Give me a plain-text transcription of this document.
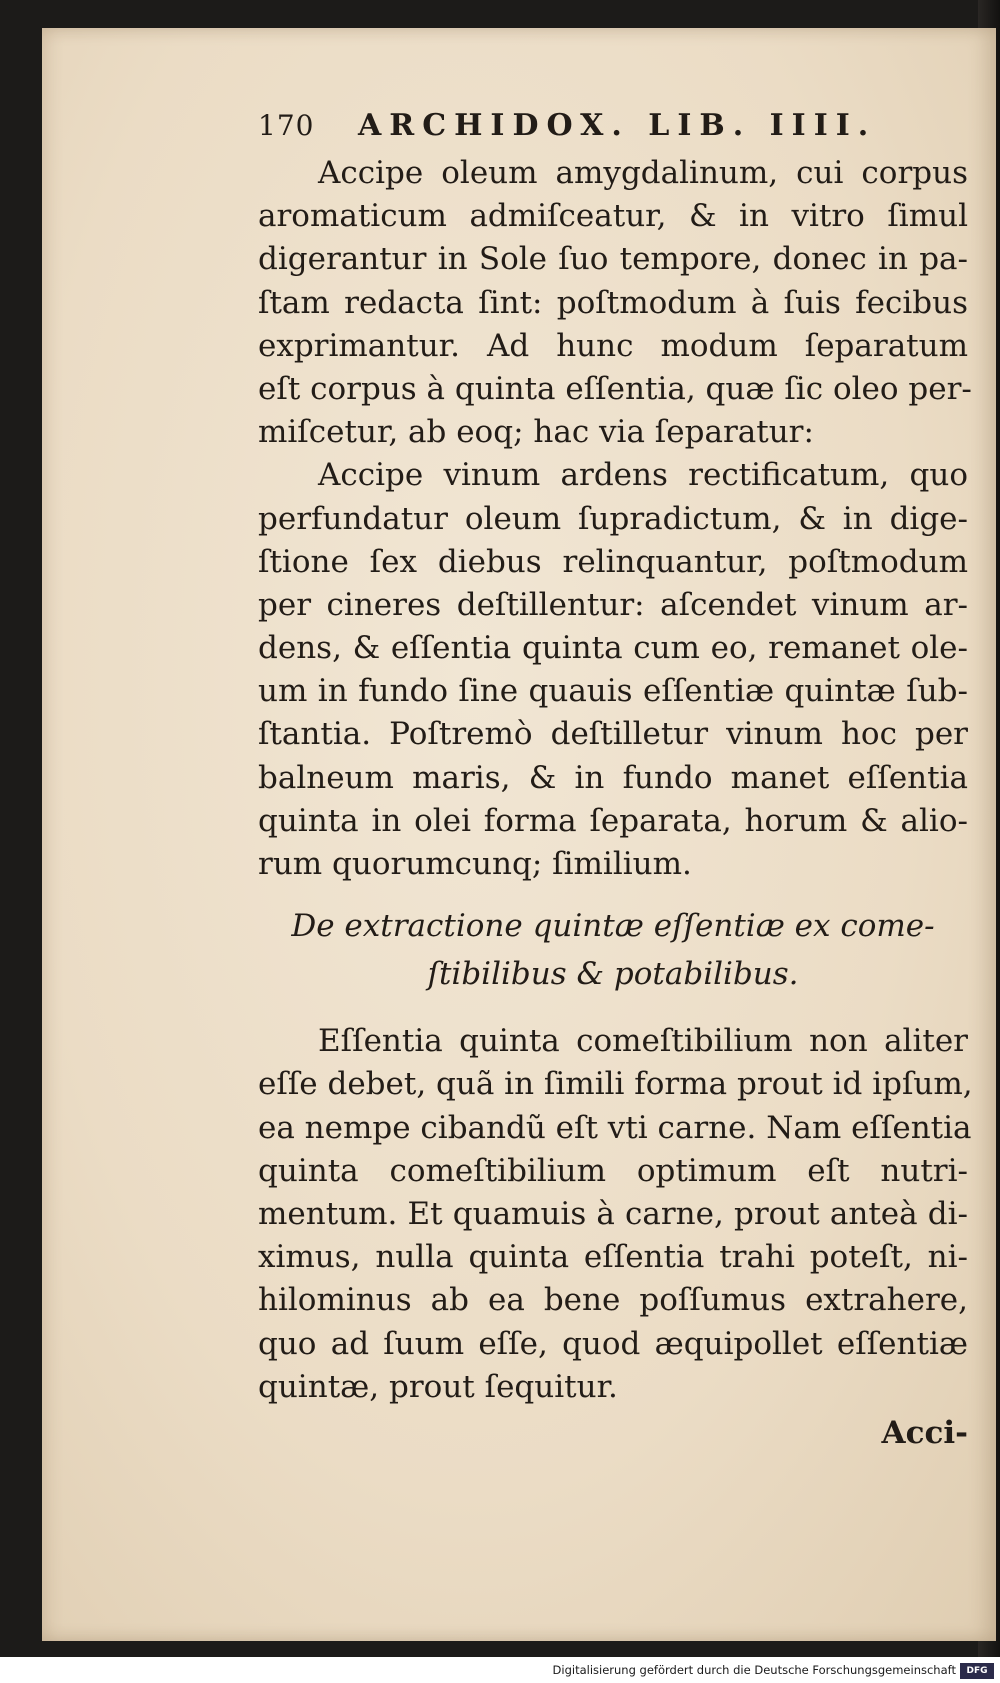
170	ARCHIDOX. LIB. IIII.
Accipe oleum amygdalinum, cui corpus
aromaticum admiſceatur, & in vitro ſimul
digerantur in Sole ſuo tempore, donec in pa-
ſtam redacta ſint: poſtmodum à ſuis fecibus
exprimantur. Ad hunc modum ſeparatum
eſt corpus à quinta eſſentia, quæ ſic oleo per-
miſcetur, ab eoq; hac via ſeparatur:
Accipe vinum ardens rectificatum, quo
perfundatur oleum ſupradictum, & in dige-
ſtione ſex diebus relinquantur, poſtmodum
per cineres deſtillentur: aſcendet vinum ar-
dens, & eſſentia quinta cum eo, remanet ole-
um in fundo ſine quauis eſſentiæ quintæ ſub-
ſtantia. Poſtremò deſtilletur vinum hoc per
balneum maris, & in fundo manet eſſentia
quinta in olei forma ſeparata, horum & alio-
rum quorumcunq; ſimilium.
De extractione quintæ eſſentiæ ex come-
ſtibilibus & potabilibus.
Eſſentia quinta comeſtibilium non aliter
eſſe debet, quã in ſimili forma prout id ipſum,
ea nempe cibandũ eſt vti carne. Nam eſſentia
quinta comeſtibilium optimum eſt nutri-
mentum. Et quamuis à carne, prout anteà di-
ximus, nulla quinta eſſentia trahi poteſt, ni-
hilominus ab ea bene poſſumus extrahere,
quo ad ſuum eſſe, quod æquipollet eſſentiæ
quintæ, prout ſequitur.
Acci-
Digitalisierung gefördert durch die Deutsche Forschungsgemeinschaft	DFG
